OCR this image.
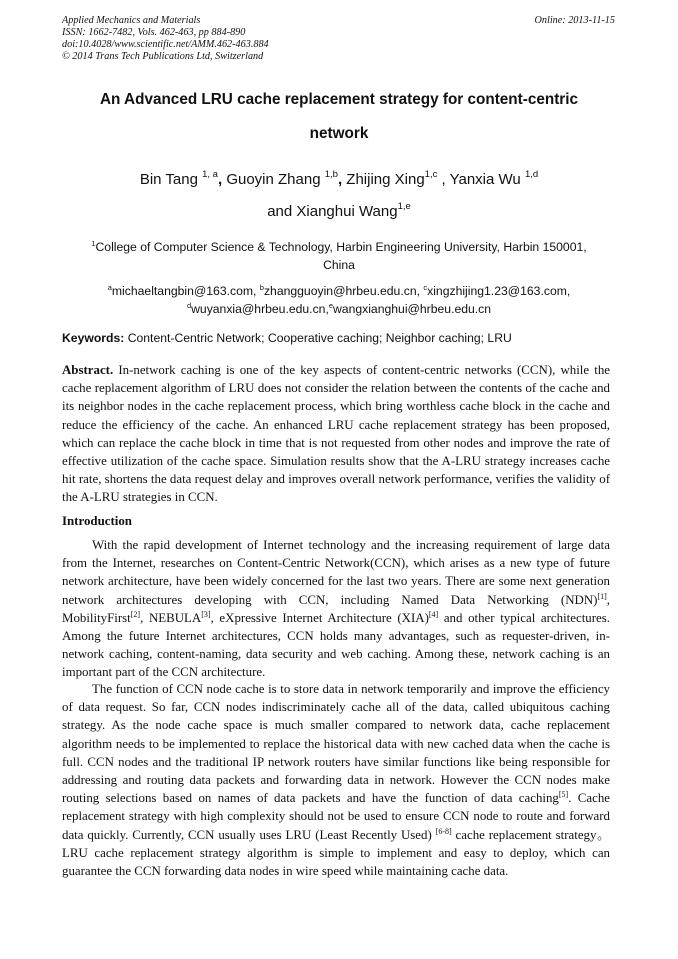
Applied Mechanics and Materials
ISSN: 1662-7482, Vols. 462-463, pp 884-890
doi:10.4028/www.scientific.net/AMM.462-463.884
© 2014 Trans Tech Publications Ltd, Switzerland
Online: 2013-11-15
An Advanced LRU cache replacement strategy for content-centric
network
Bin Tang $^{1, a}$, Guoyin Zhang $^{1,b}$, Zhijing Xing$^{1,c}$ , Yanxia Wu $^{1,d}$
and Xianghui Wang$^{1,e}$
$^1$College of Computer Science & Technology, Harbin Engineering University, Harbin 150001,
China
$^a$michaeltangbin@163.com, $^b$zhangguoyin@hrbeu.edu.cn, $^c$xingzhijing1.23@163.com,
$^d$wuyanxia@hrbeu.edu.cn,$^e$wangxianghui@hrbeu.edu.cn
Keywords: Content-Centric Network; Cooperative caching; Neighbor caching; LRU
Abstract. In-network caching is one of the key aspects of content-centric networks (CCN), while the cache replacement algorithm of LRU does not consider the relation between the contents of the cache and its neighbor nodes in the cache replacement process, which bring worthless cache block in the cache and reduce the efficiency of the cache. An enhanced LRU cache replacement strategy has been proposed, which can replace the cache block in time that is not requested from other nodes and improve the rate of effective utilization of the cache space. Simulation results show that the A-LRU strategy increases cache hit rate, shortens the data request delay and improves overall network performance, verifies the validity of the A-LRU strategies in CCN.
Introduction
With the rapid development of Internet technology and the increasing requirement of large data from the Internet, researches on Content-Centric Network(CCN), which arises as a new type of future network architecture, have been widely concerned for the last two years. There are some next generation network architectures developing with CCN, including Named Data Networking (NDN)[1], MobilityFirst[2], NEBULA[3], eXpressive Internet Architecture (XIA)[4] and other typical architectures. Among the future Internet architectures, CCN holds many advantages, such as requester-driven, in-network caching, content-naming, data security and web caching. Among these, network caching is an important part of the CCN architecture.
The function of CCN node cache is to store data in network temporarily and improve the efficiency of data request. So far, CCN nodes indiscriminately cache all of the data, called ubiquitous caching strategy. As the node cache space is much smaller compared to network data, cache replacement algorithm needs to be implemented to replace the historical data with new cached data when the cache is full. CCN nodes and the traditional IP network routers have similar functions like being responsible for addressing and routing data packets and forwarding data in network. However the CCN nodes make routing selections based on names of data packets and have the function of data caching[5]. Cache replacement strategy with high complexity should not be used to ensure CCN node to route and forward data quickly. Currently, CCN usually uses LRU (Least Recently Used) [6-8] cache replacement strategy。 LRU cache replacement strategy algorithm is simple to implement and easy to deploy, which can guarantee the CCN forwarding data nodes in wire speed while maintaining cache data.
